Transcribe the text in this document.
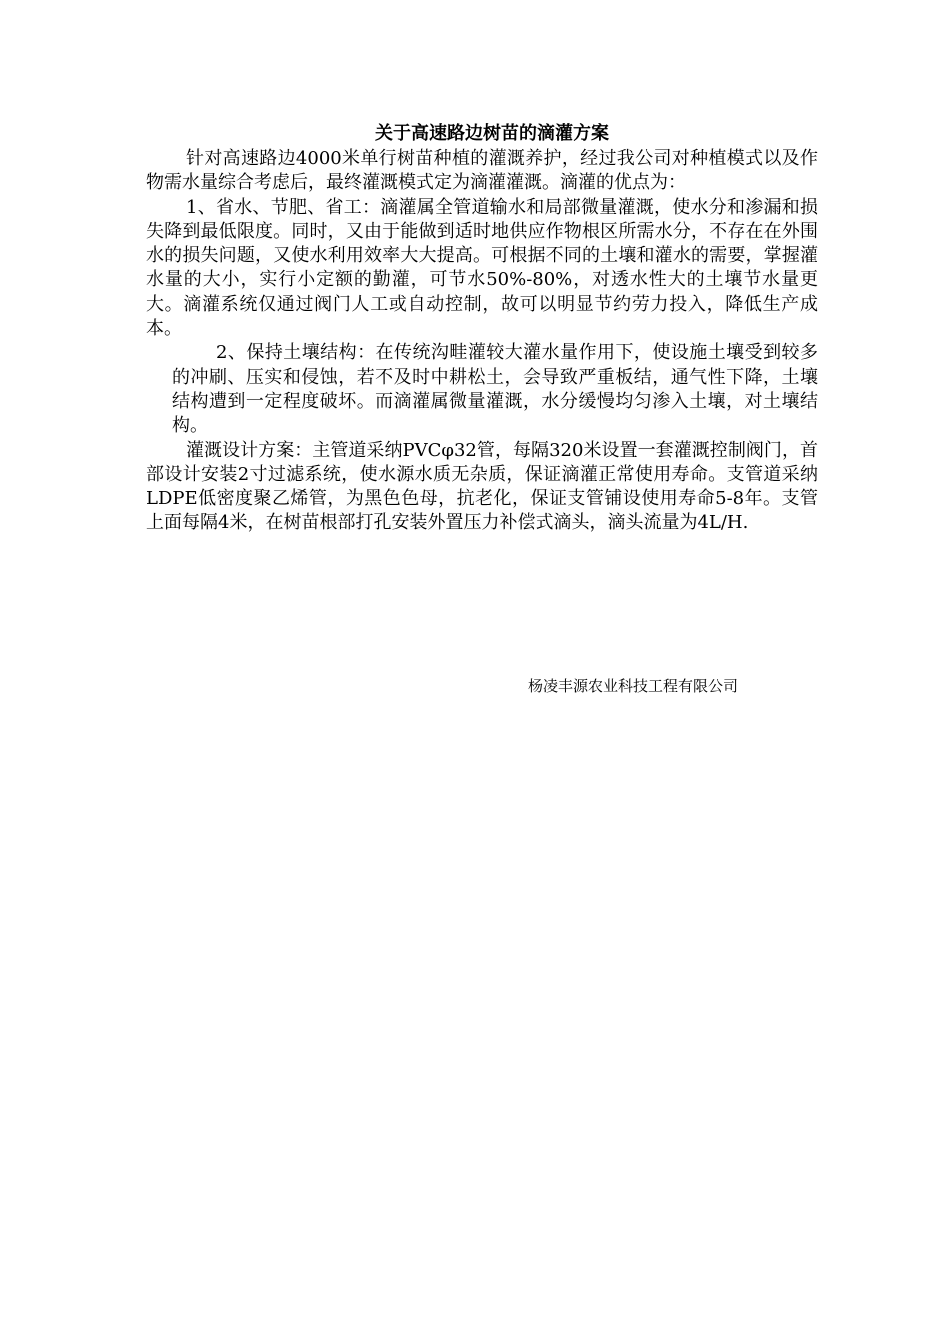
关于高速路边树苗的滴灌方案

针对高速路边4000米单行树苗种植的灌溉养护，经过我公司对种植模式以及作物需水量综合考虑后，最终灌溉模式定为滴灌灌溉。滴灌的优点为：

1、省水、节肥、省工：滴灌属全管道输水和局部微量灌溉，使水分和渗漏和损失降到最低限度。同时，又由于能做到适时地供应作物根区所需水分，不存在在外围水的损失问题，又使水利用效率大大提高。可根据不同的土壤和灌水的需要，掌握灌水量的大小，实行小定额的勤灌，可节水50%-80%，对透水性大的土壤节水量更大。滴灌系统仅通过阀门人工或自动控制，故可以明显节约劳力投入，降低生产成本。

2、保持土壤结构：在传统沟畦灌较大灌水量作用下，使设施土壤受到较多的冲刷、压实和侵蚀，若不及时中耕松土，会导致严重板结，通气性下降，土壤结构遭到一定程度破坏。而滴灌属微量灌溉，水分缓慢均匀渗入土壤，对土壤结构。

灌溉设计方案：主管道采纳PVCφ32管，每隔320米设置一套灌溉控制阀门，首部设计安装2寸过滤系统，使水源水质无杂质，保证滴灌正常使用寿命。支管道采纳LDPE低密度聚乙烯管，为黑色色母，抗老化，保证支管铺设使用寿命5-8年。支管上面每隔4米，在树苗根部打孔安装外置压力补偿式滴头，滴头流量为4L/H.

杨凌丰源农业科技工程有限公司
